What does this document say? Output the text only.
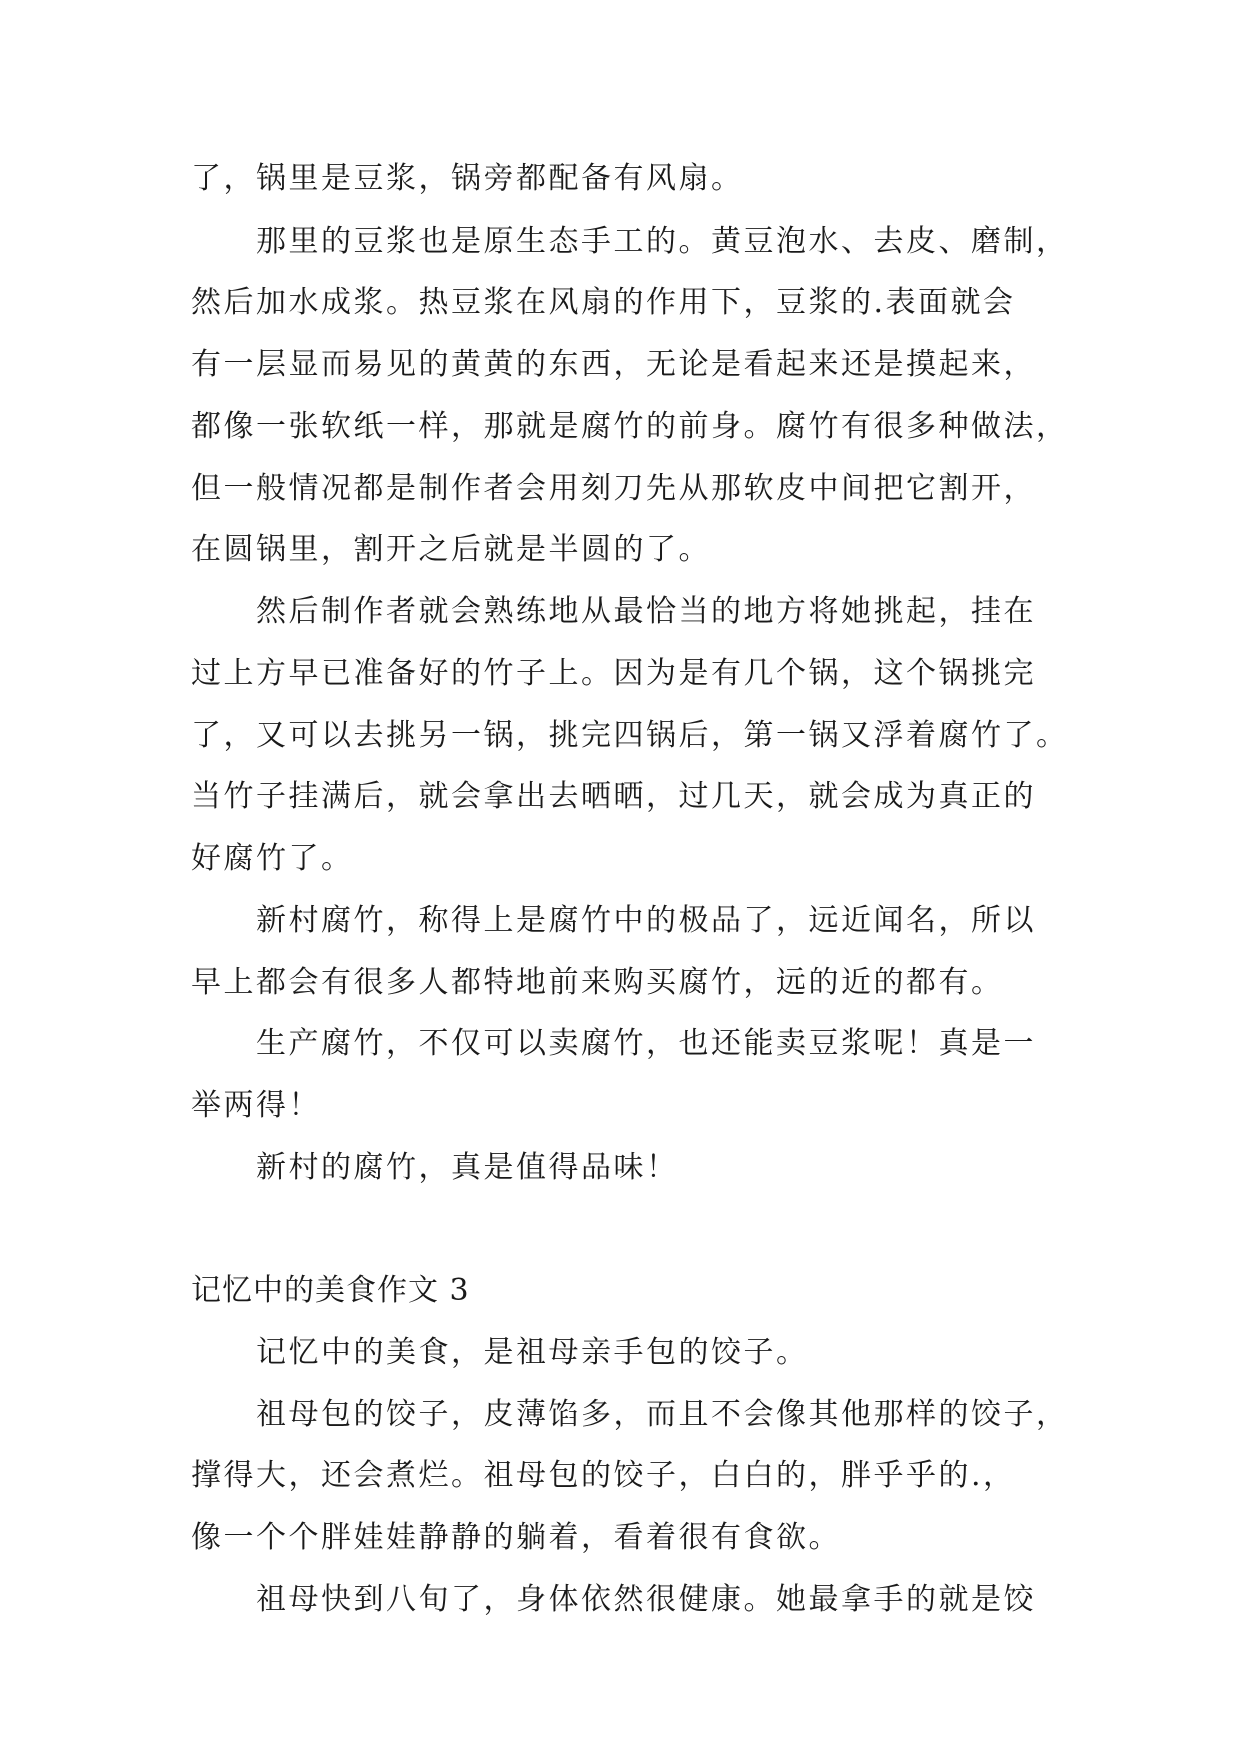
了，锅里是豆浆，锅旁都配备有风扇。
那里的豆浆也是原生态手工的。黄豆泡水、去皮、磨制，
然后加水成浆。热豆浆在风扇的作用下，豆浆的.表面就会
有一层显而易见的黄黄的东西，无论是看起来还是摸起来，
都像一张软纸一样，那就是腐竹的前身。腐竹有很多种做法，
但一般情况都是制作者会用刻刀先从那软皮中间把它割开，
在圆锅里，割开之后就是半圆的了。
然后制作者就会熟练地从最恰当的地方将她挑起，挂在
过上方早已准备好的竹子上。因为是有几个锅，这个锅挑完
了，又可以去挑另一锅，挑完四锅后，第一锅又浮着腐竹了。
当竹子挂满后，就会拿出去晒晒，过几天，就会成为真正的
好腐竹了。
新村腐竹，称得上是腐竹中的极品了，远近闻名，所以
早上都会有很多人都特地前来购买腐竹，远的近的都有。
生产腐竹，不仅可以卖腐竹，也还能卖豆浆呢！真是一
举两得！
新村的腐竹，真是值得品味！
记忆中的美食作文 3
记忆中的美食，是祖母亲手包的饺子。
祖母包的饺子，皮薄馅多，而且不会像其他那样的饺子，
撑得大，还会煮烂。祖母包的饺子，白白的，胖乎乎的.，
像一个个胖娃娃静静的躺着，看着很有食欲。
祖母快到八旬了，身体依然很健康。她最拿手的就是饺
